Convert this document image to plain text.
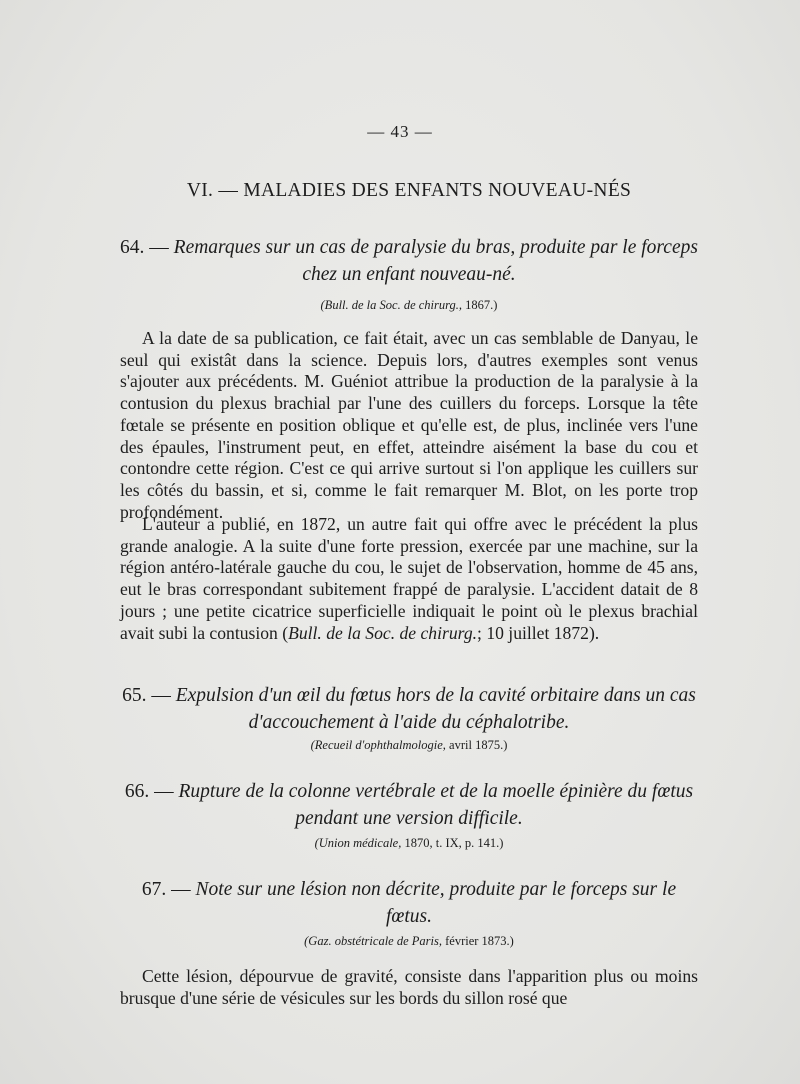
— 43 —
VI. — MALADIES DES ENFANTS NOUVEAU-NÉS
64. — Remarques sur un cas de paralysie du bras, produite par le forceps chez un enfant nouveau-né.
(Bull. de la Soc. de chirurg., 1867.)
A la date de sa publication, ce fait était, avec un cas semblable de Danyau, le seul qui existât dans la science. Depuis lors, d'autres exemples sont venus s'ajouter aux précédents. M. Guéniot attribue la production de la paralysie à la contusion du plexus brachial par l'une des cuillers du forceps. Lorsque la tête fœtale se présente en position oblique et qu'elle est, de plus, inclinée vers l'une des épaules, l'instrument peut, en effet, atteindre aisément la base du cou et contondre cette région. C'est ce qui arrive surtout si l'on applique les cuillers sur les côtés du bassin, et si, comme le fait remarquer M. Blot, on les porte trop profondément.
L'auteur a publié, en 1872, un autre fait qui offre avec le précédent la plus grande analogie. A la suite d'une forte pression, exercée par une machine, sur la région antéro-latérale gauche du cou, le sujet de l'observation, homme de 45 ans, eut le bras correspondant subitement frappé de paralysie. L'accident datait de 8 jours ; une petite cicatrice superficielle indiquait le point où le plexus brachial avait subi la contusion (Bull. de la Soc. de chirurg.; 10 juillet 1872).
65. — Expulsion d'un œil du fœtus hors de la cavité orbitaire dans un cas d'accouchement à l'aide du céphalotribe.
(Recueil d'ophthalmologie, avril 1875.)
66. — Rupture de la colonne vertébrale et de la moelle épinière du fœtus pendant une version difficile.
(Union médicale, 1870, t. IX, p. 141.)
67. — Note sur une lésion non décrite, produite par le forceps sur le fœtus.
(Gaz. obstétricale de Paris, février 1873.)
Cette lésion, dépourvue de gravité, consiste dans l'apparition plus ou moins brusque d'une série de vésicules sur les bords du sillon rosé que
